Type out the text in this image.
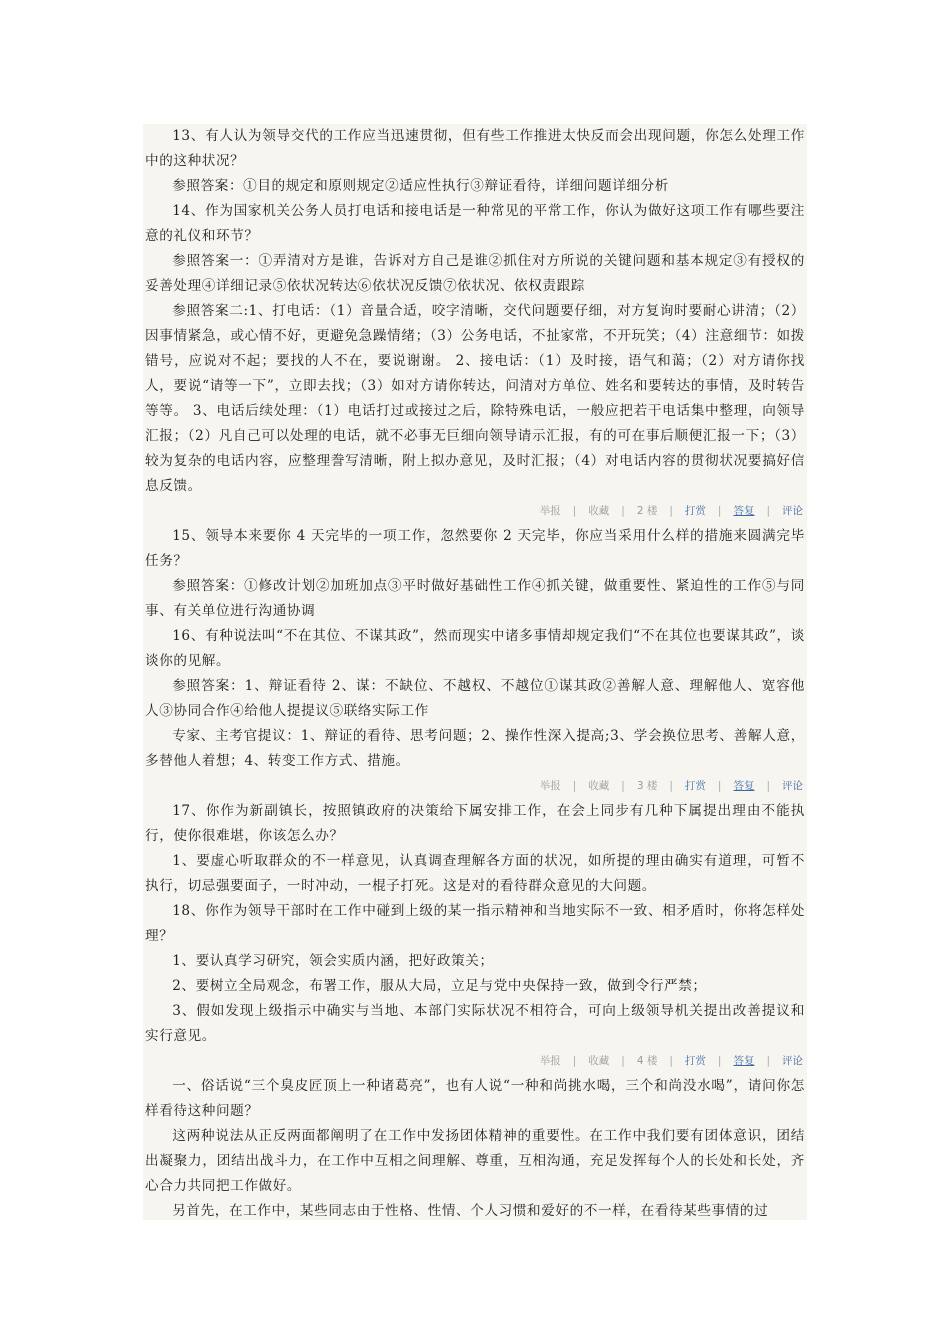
13、有人认为领导交代的工作应当迅速贯彻，但有些工作推进太快反而会出现问题，你怎么处理工作中的这种状况？

参照答案：①目的规定和原则规定②适应性执行③辩证看待，详细问题详细分析

14、作为国家机关公务人员打电话和接电话是一种常见的平常工作，你认为做好这项工作有哪些要注意的礼仪和环节？

参照答案一：①弄清对方是谁，告诉对方自己是谁②抓住对方所说的关键问题和基本规定③有授权的妥善处理④详细记录⑤依状况转达⑥依状况反馈⑦依状况、依权责跟踪

参照答案二:1、打电话：（1）音量合适，咬字清晰，交代问题要仔细，对方复询时要耐心讲清；（2）因事情紧急，或心情不好，更避免急躁情绪；（3）公务电话，不扯家常，不开玩笑；（4）注意细节：如拨错号，应说对不起；要找的人不在，要说谢谢。 2、接电话：（1）及时接，语气和蔼；（2）对方请你找人，要说“请等一下”，立即去找；（3）如对方请你转达，问清对方单位、姓名和要转达的事情，及时转告等等。 3、电话后续处理：（1）电话打过或接过之后，除特殊电话，一般应把若干电话集中整理，向领导汇报；（2）凡自己可以处理的电话，就不必事无巨细向领导请示汇报，有的可在事后顺便汇报一下；（3）较为复杂的电话内容，应整理誊写清晰，附上拟办意见，及时汇报；（4）对电话内容的贯彻状况要搞好信息反馈。

举报 | 收藏 | 2 楼 | 打赏 | 答复 | 评论

15、领导本来要你 4 天完毕的一项工作，忽然要你 2 天完毕，你应当采用什么样的措施来圆满完毕任务？

参照答案：①修改计划②加班加点③平时做好基础性工作④抓关键，做重要性、紧迫性的工作⑤与同事、有关单位进行沟通协调

16、有种说法叫“不在其位、不谋其政”，然而现实中诸多事情却规定我们“不在其位也要谋其政”，谈谈你的见解。

参照答案：1、辩证看待 2、谋：不缺位、不越权、不越位①谋其政②善解人意、理解他人、宽容他人③协同合作④给他人提提议⑤联络实际工作

专家、主考官提议：1、辩证的看待、思考问题；2、操作性深入提高;3、学会换位思考、善解人意，多替他人着想；4、转变工作方式、措施。

举报 | 收藏 | 3 楼 | 打赏 | 答复 | 评论

17、你作为新副镇长，按照镇政府的决策给下属安排工作，在会上同步有几种下属提出理由不能执行，使你很难堪，你该怎么办？

1、要虚心听取群众的不一样意见，认真调查理解各方面的状况，如所提的理由确实有道理，可暂不执行，切忌强要面子，一时冲动，一棍子打死。这是对的看待群众意见的大问题。

18、你作为领导干部时在工作中碰到上级的某一指示精神和当地实际不一致、相矛盾时，你将怎样处理？

1、要认真学习研究，领会实质内涵，把好政策关；

2、要树立全局观念，布署工作，服从大局，立足与党中央保持一致，做到令行严禁；

3、假如发现上级指示中确实与当地、本部门实际状况不相符合，可向上级领导机关提出改善提议和实行意见。

举报 | 收藏 | 4 楼 | 打赏 | 答复 | 评论

一、俗话说“三个臭皮匠顶上一种诸葛亮”，也有人说“一种和尚挑水喝，三个和尚没水喝”，请问你怎样看待这种问题？

这两种说法从正反两面都阐明了在工作中发扬团体精神的重要性。在工作中我们要有团体意识，团结出凝聚力，团结出战斗力，在工作中互相之间理解、尊重，互相沟通，充足发挥每个人的长处和长处，齐心合力共同把工作做好。

另首先，在工作中，某些同志由于性格、性情、个人习惯和爱好的不一样，在看待某些事情的过
